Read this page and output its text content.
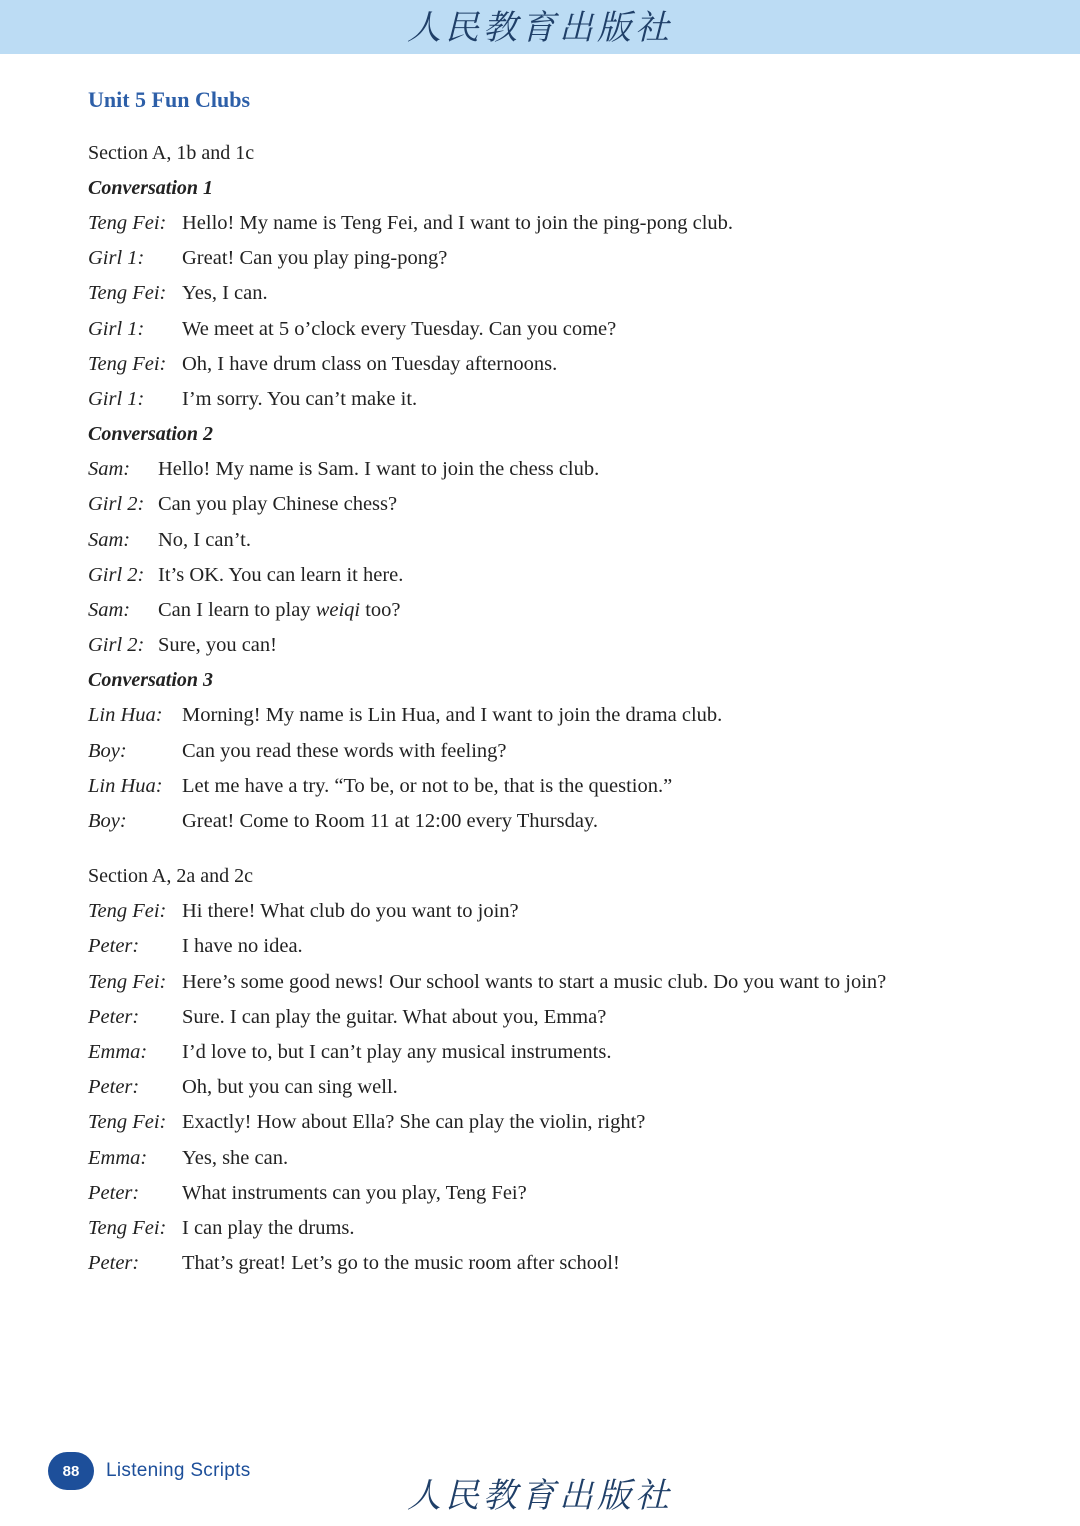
人民教育出版社
Unit 5 Fun Clubs
Section A, 1b and 1c
Conversation 1
Teng Fei: Hello! My name is Teng Fei, and I want to join the ping-pong club.
Girl 1:	Great! Can you play ping-pong?
Teng Fei: Yes, I can.
Girl 1:	We meet at 5 o’clock every Tuesday. Can you come?
Teng Fei: Oh, I have drum class on Tuesday afternoons.
Girl 1:	I’m sorry. You can’t make it.
Conversation 2
Sam:	Hello! My name is Sam. I want to join the chess club.
Girl 2: Can you play Chinese chess?
Sam:	No, I can’t.
Girl 2: It’s OK. You can learn it here.
Sam:	Can I learn to play weiqi too?
Girl 2: Sure, you can!
Conversation 3
Lin Hua: Morning! My name is Lin Hua, and I want to join the drama club.
Boy:	Can you read these words with feeling?
Lin Hua: Let me have a try. “To be, or not to be, that is the question.”
Boy:	Great! Come to Room 11 at 12:00 every Thursday.
Section A, 2a and 2c
Teng Fei: Hi there! What club do you want to join?
Peter:	I have no idea.
Teng Fei: Here’s some good news! Our school wants to start a music club. Do you want to join?
Peter:	Sure. I can play the guitar. What about you, Emma?
Emma:	I’d love to, but I can’t play any musical instruments.
Peter:	Oh, but you can sing well.
Teng Fei: Exactly! How about Ella? She can play the violin, right?
Emma:	Yes, she can.
Peter:	What instruments can you play, Teng Fei?
Teng Fei: I can play the drums.
Peter:	That’s great! Let’s go to the music room after school!
88	Listening Scripts
人民教育出版社
